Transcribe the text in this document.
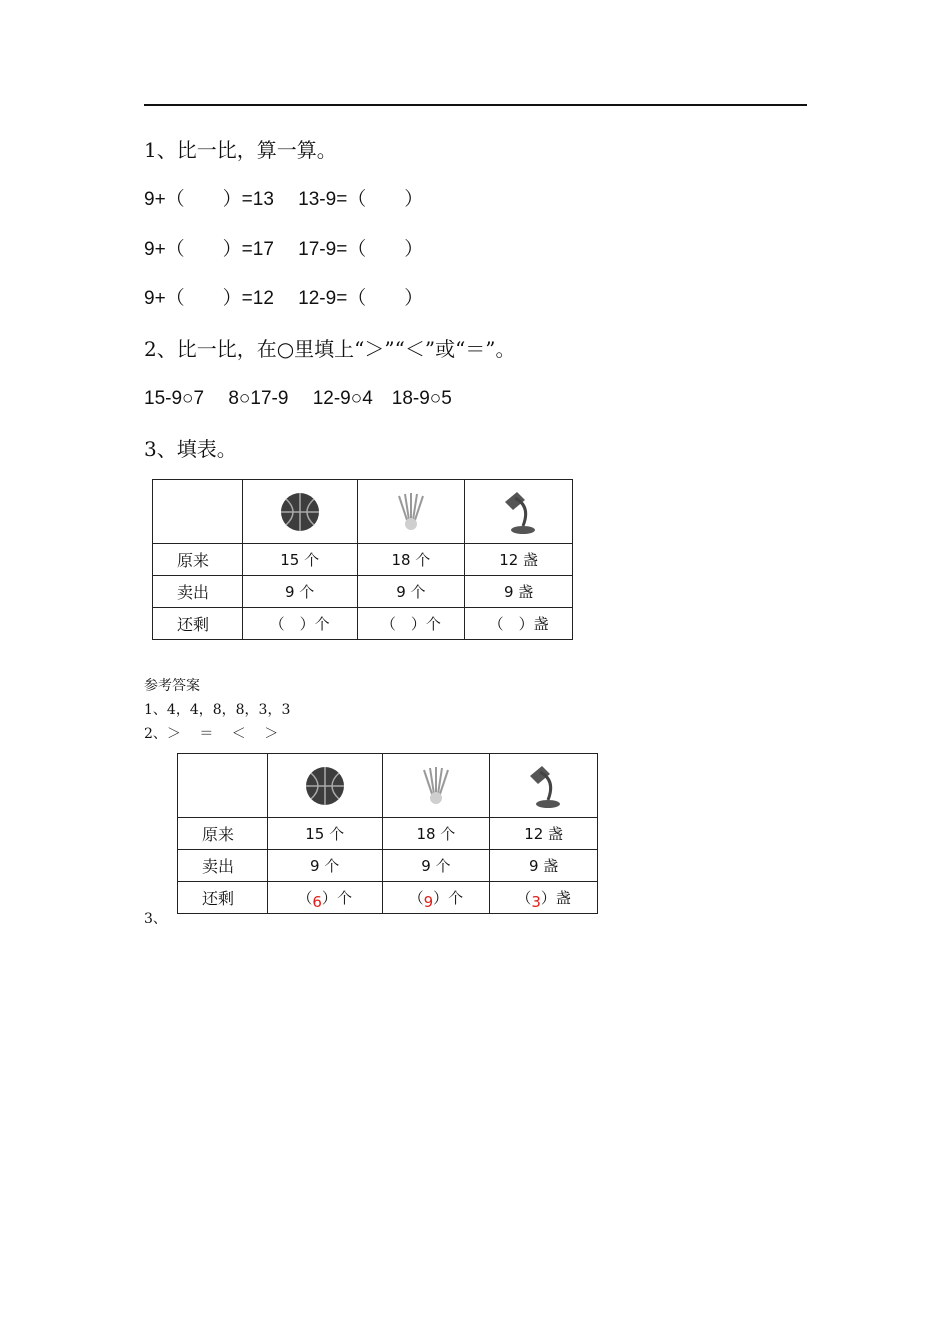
1、比一比，算一算。
9+（　　）=13　 13-9=（　　）
9+（　　）=17　 17-9=（　　）
9+（　　）=12　 12-9=（　　）
2、比一比，在○里填上“＞”“＜”或“＝”。
15-9○7　 8○17-9　 12-9○4　18-9○5
3、填表。

原来	15 个	18 个	12 盏
卖出	9 个	9 个	9 盏
还剩	（　）个	（　）个	（　）盏
参考答案
1、4，4，8，8，3，3
2、＞　 ＝　 ＜　 ＞
3、

原来	15 个	18 个	12 盏
卖出	9 个	9 个	9 盏
还剩	（6）个	（9）个	（3）盏
